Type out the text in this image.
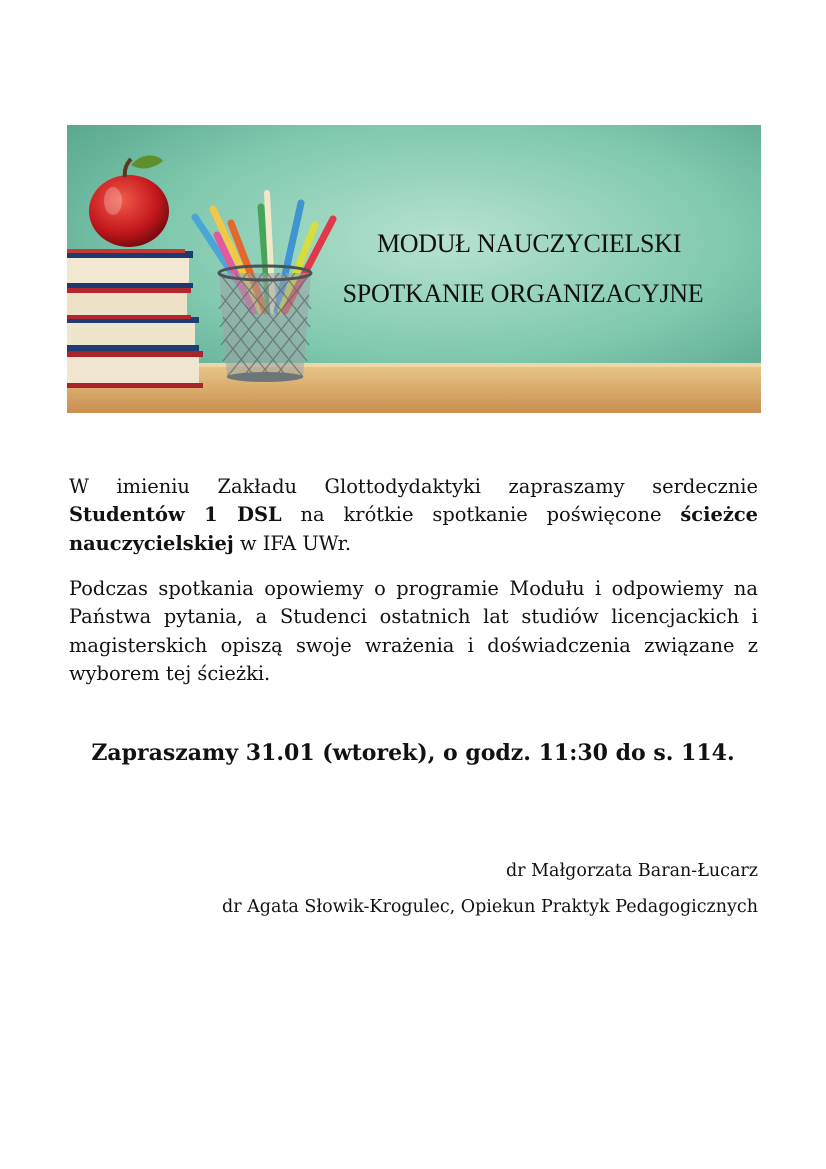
MODUŁ NAUCZYCIELSKI
SPOTKANIE ORGANIZACYJNE

W imieniu Zakładu Glottodydaktyki zapraszamy serdecznie Studentów 1 DSL na krótkie spotkanie poświęcone ścieżce nauczycielskiej w IFA UWr.

Podczas spotkania opowiemy o programie Modułu i odpowiemy na Państwa pytania, a Studenci ostatnich lat studiów licencjackich i magisterskich opiszą swoje wrażenia i doświadczenia związane z wyborem tej ścieżki.

Zapraszamy 31.01 (wtorek), o godz. 11:30 do s. 114.
dr Małgorzata Baran-Łucarz
dr Agata Słowik-Krogulec, Opiekun Praktyk Pedagogicznych
